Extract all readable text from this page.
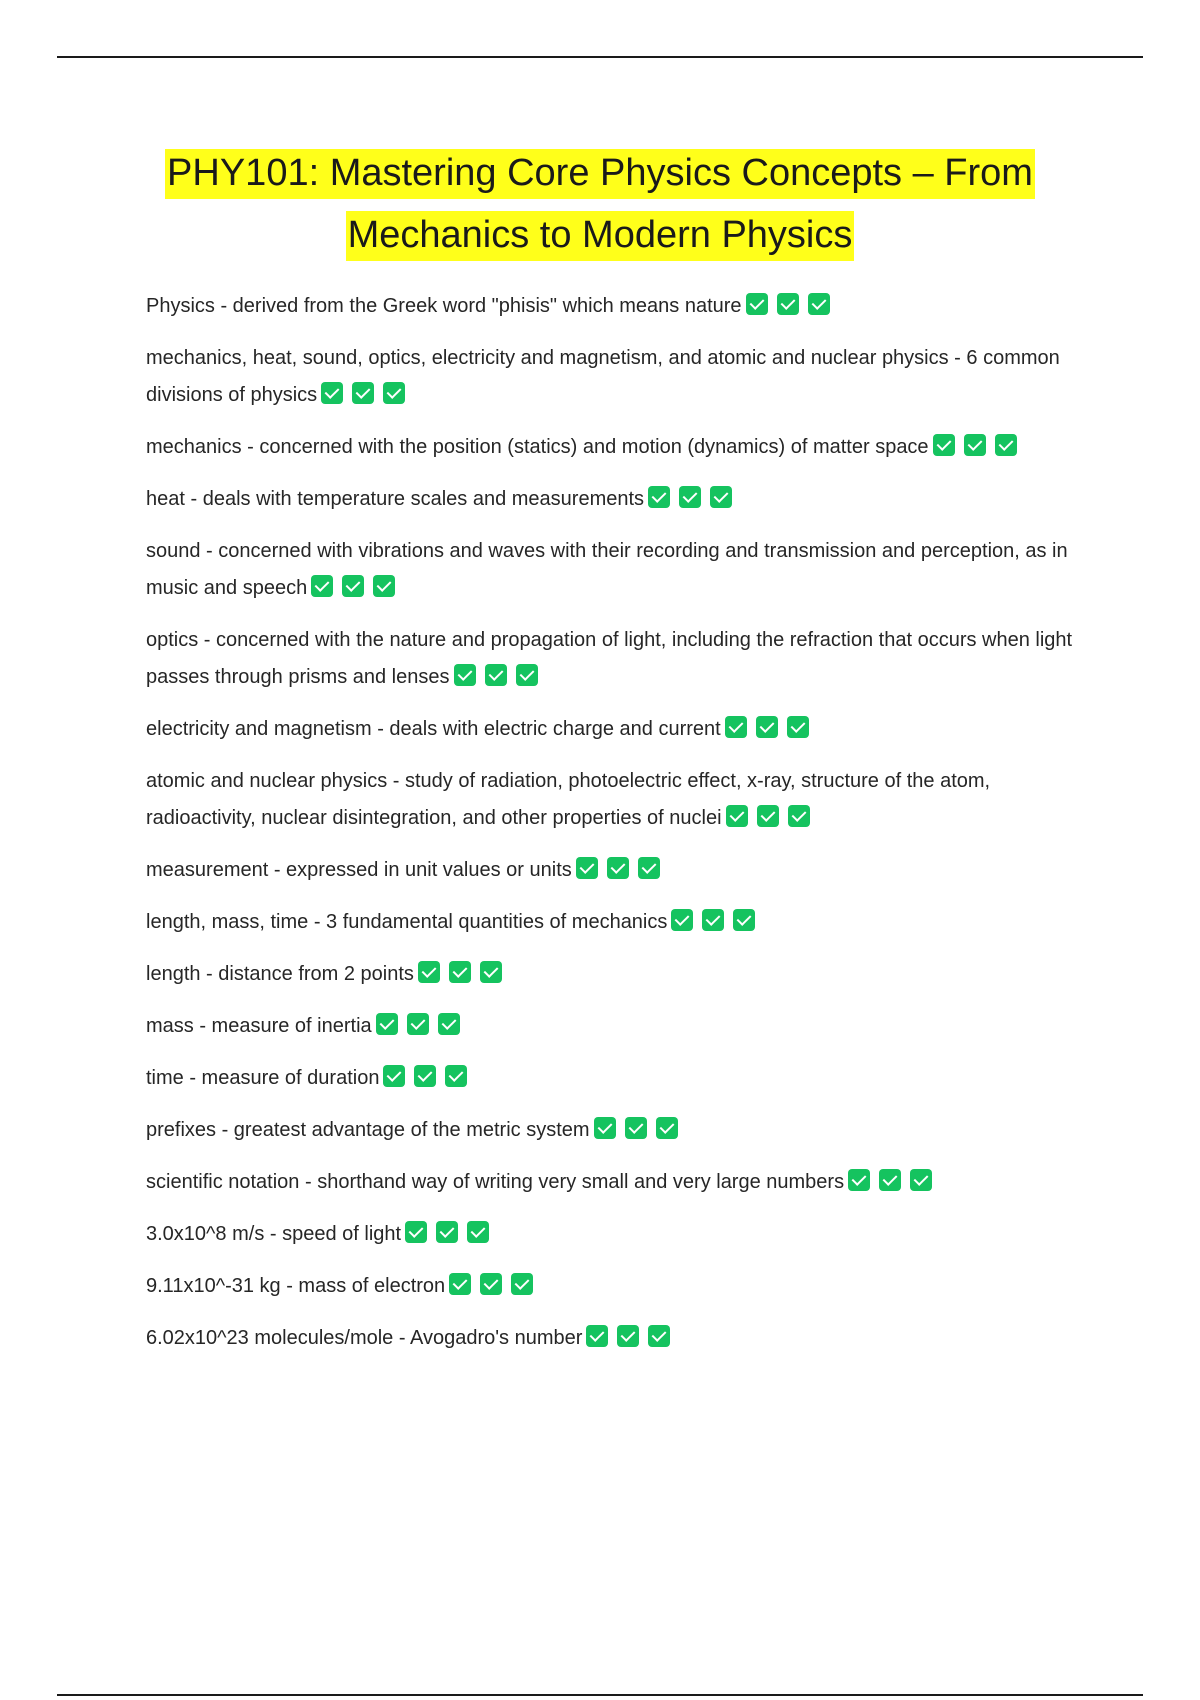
PHY101: Mastering Core Physics Concepts – From
Mechanics to Modern Physics
Physics - derived from the Greek word "phisis" which means nature
mechanics, heat, sound, optics, electricity and magnetism, and atomic and nuclear physics - 6 common divisions of physics
mechanics - concerned with the position (statics) and motion (dynamics) of matter space
heat - deals with temperature scales and measurements
sound - concerned with vibrations and waves with their recording and transmission and perception, as in music and speech
optics - concerned with the nature and propagation of light, including the refraction that occurs when light passes through prisms and lenses
electricity and magnetism - deals with electric charge and current
atomic and nuclear physics - study of radiation, photoelectric effect, x-ray, structure of the atom, radioactivity, nuclear disintegration, and other properties of nuclei
measurement - expressed in unit values or units
length, mass, time - 3 fundamental quantities of mechanics
length - distance from 2 points
mass - measure of inertia
time - measure of duration
prefixes - greatest advantage of the metric system
scientific notation - shorthand way of writing very small and very large numbers
3.0x10^8 m/s - speed of light
9.11x10^-31 kg - mass of electron
6.02x10^23 molecules/mole - Avogadro's number
